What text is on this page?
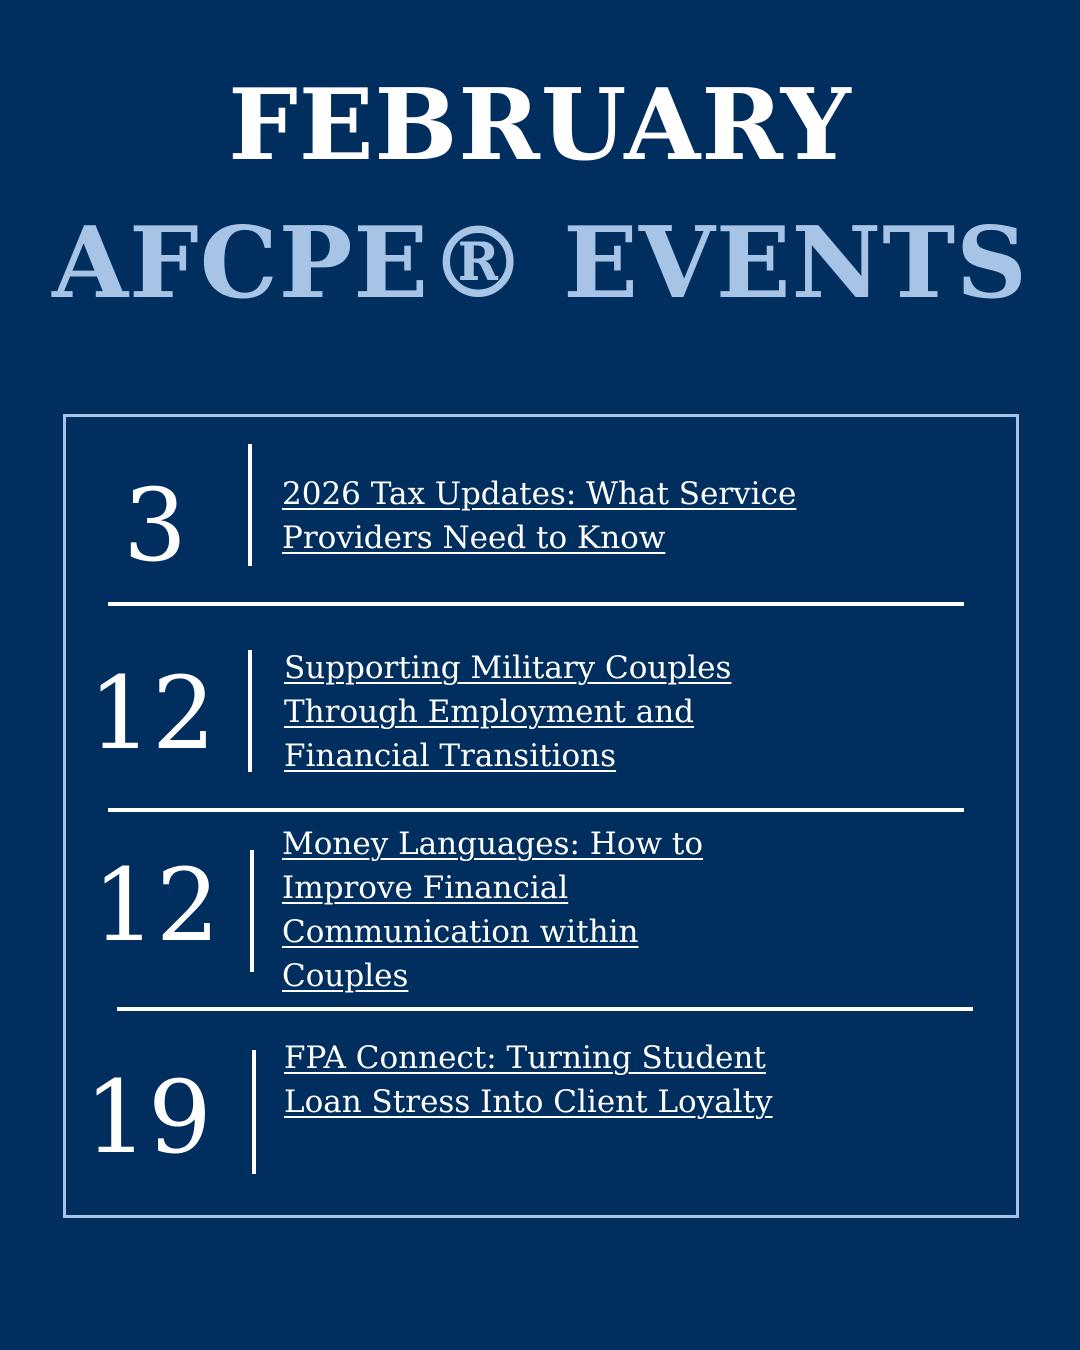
FEBRUARY
AFCPE® EVENTS
3	2026 Tax Updates: What Service Providers Need to Know
12 Supporting Military Couples Through Employment and Financial Transitions
12
Money Languages: How to Improve Financial Communication within Couples
19
FPA Connect: Turning Student Loan Stress Into Client Loyalty
